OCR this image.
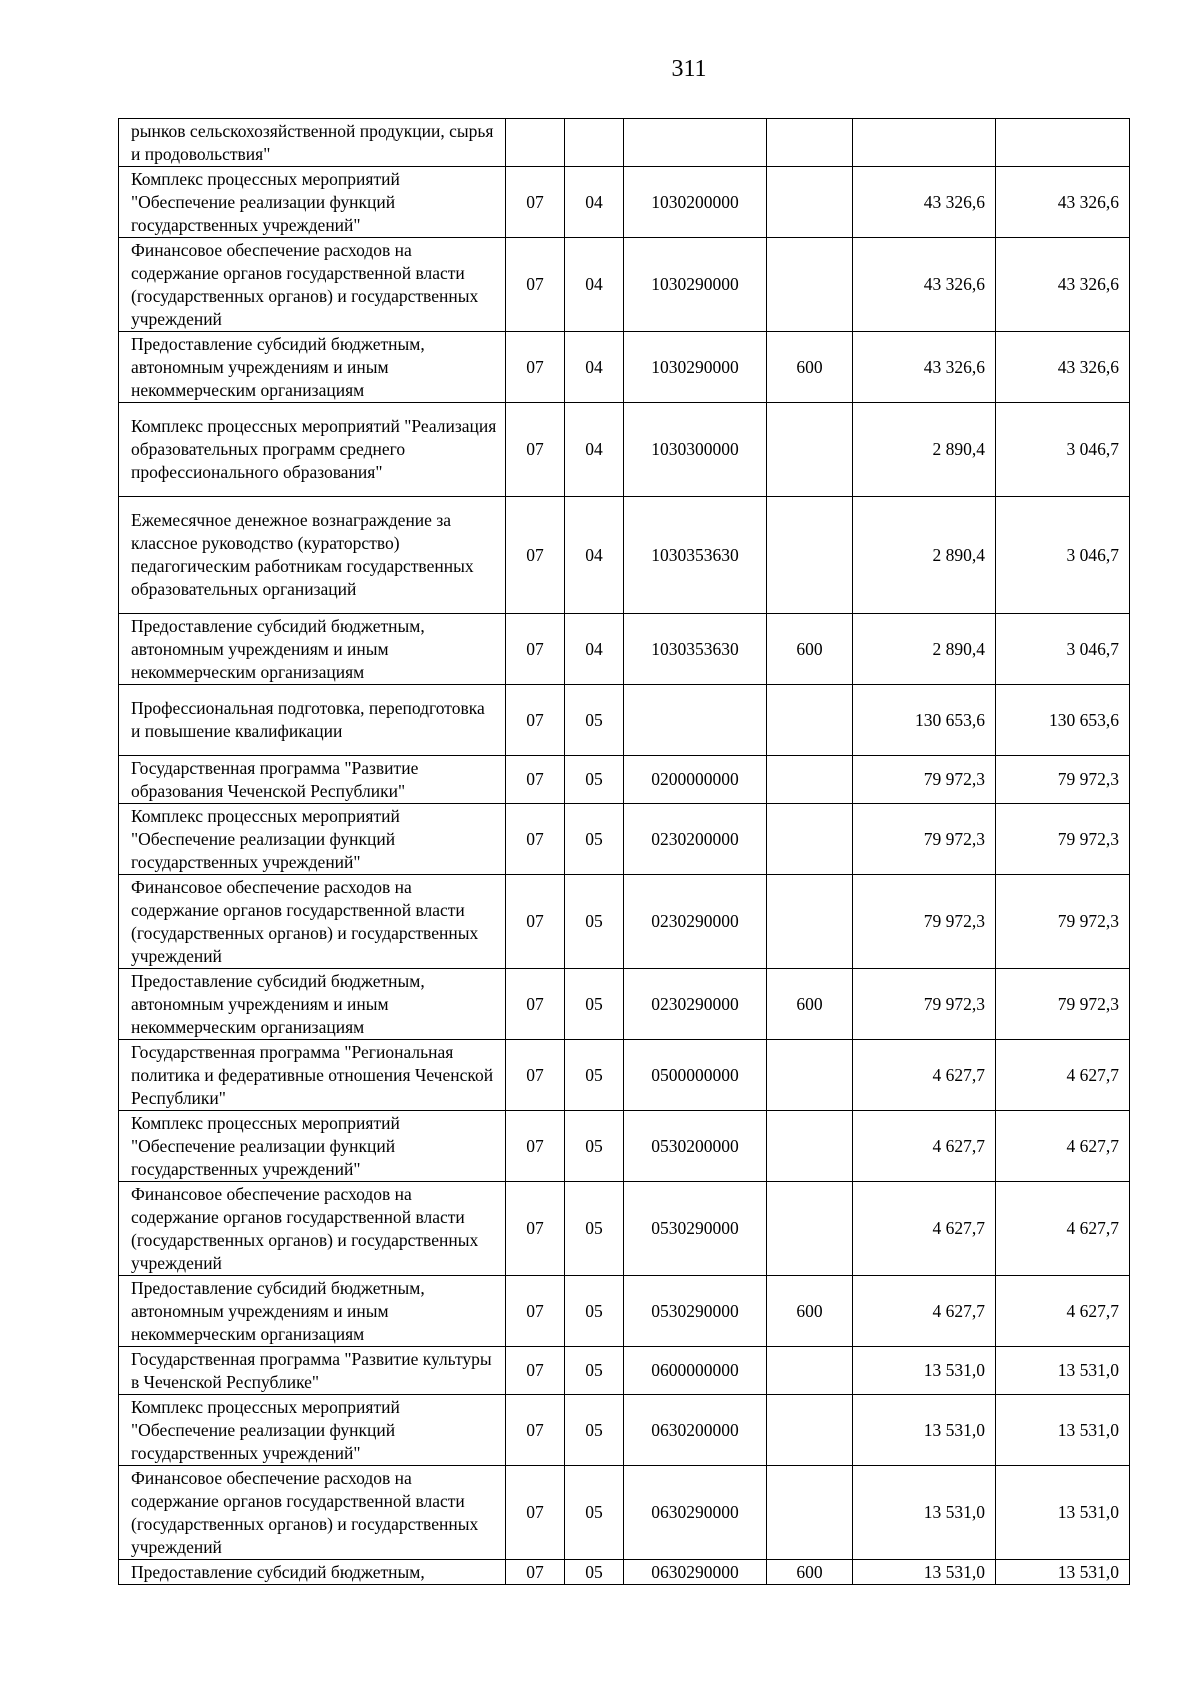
311
рынков сельскохозяйственной продукции, сырья и продовольствия"						
Комплекс процессных мероприятий "Обеспечение реализации функций государственных учреждений"	07	04	1030200000		43 326,6	43 326,6
Финансовое обеспечение расходов на содержание органов государственной власти (государственных органов) и государственных учреждений	07	04	1030290000		43 326,6	43 326,6
Предоставление субсидий бюджетным, автономным учреждениям и иным некоммерческим организациям	07	04	1030290000	600	43 326,6	43 326,6
Комплекс процессных мероприятий "Реализация образовательных программ среднего профессионального образования"	07	04	1030300000		2 890,4	3 046,7
Ежемесячное денежное вознаграждение за классное руководство (кураторство) педагогическим работникам государственных образовательных организаций	07	04	1030353630		2 890,4	3 046,7
Предоставление субсидий бюджетным, автономным учреждениям и иным некоммерческим организациям	07	04	1030353630	600	2 890,4	3 046,7
Профессиональная подготовка, переподготовка и повышение квалификации	07	05			130 653,6	130 653,6
Государственная программа "Развитие образования Чеченской Республики"	07	05	0200000000		79 972,3	79 972,3
Комплекс процессных мероприятий "Обеспечение реализации функций государственных учреждений"	07	05	0230200000		79 972,3	79 972,3
Финансовое обеспечение расходов на содержание органов государственной власти (государственных органов) и государственных учреждений	07	05	0230290000		79 972,3	79 972,3
Предоставление субсидий бюджетным, автономным учреждениям и иным некоммерческим организациям	07	05	0230290000	600	79 972,3	79 972,3
Государственная программа "Региональная политика и федеративные отношения Чеченской Республики"	07	05	0500000000		4 627,7	4 627,7
Комплекс процессных мероприятий "Обеспечение реализации функций государственных учреждений"	07	05	0530200000		4 627,7	4 627,7
Финансовое обеспечение расходов на содержание органов государственной власти (государственных органов) и государственных учреждений	07	05	0530290000		4 627,7	4 627,7
Предоставление субсидий бюджетным, автономным учреждениям и иным некоммерческим организациям	07	05	0530290000	600	4 627,7	4 627,7
Государственная программа "Развитие культуры в Чеченской Республике"	07	05	0600000000		13 531,0	13 531,0
Комплекс процессных мероприятий "Обеспечение реализации функций государственных учреждений"	07	05	0630200000		13 531,0	13 531,0
Финансовое обеспечение расходов на содержание органов государственной власти (государственных органов) и государственных учреждений	07	05	0630290000		13 531,0	13 531,0
Предоставление субсидий бюджетным,	07	05	0630290000	600	13 531,0	13 531,0
